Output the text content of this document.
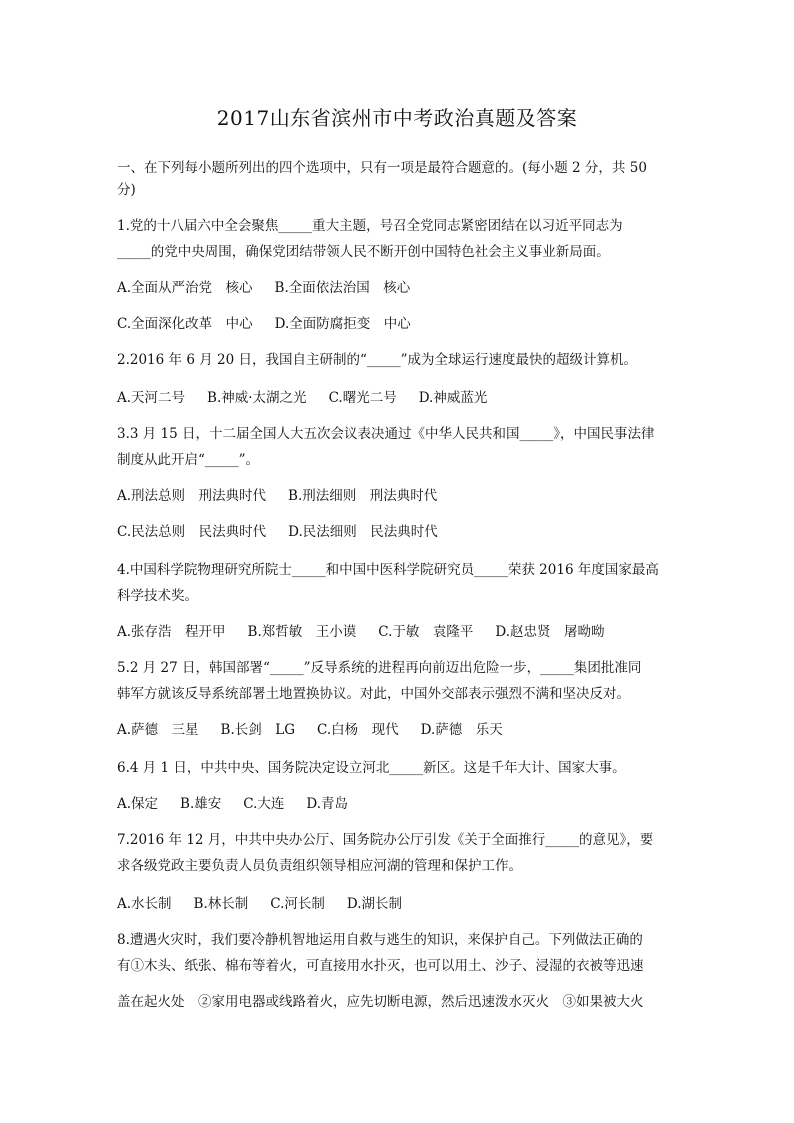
2017山东省滨州市中考政治真题及答案
一、在下列每小题所列出的四个选项中，只有一项是最符合题意的。(每小题 2 分，共 50
分)
1.党的十八届六中全会聚焦_____重大主题，号召全党同志紧密团结在以习近平同志为
_____的党中央周围，确保党团结带领人民不断开创中国特色社会主义事业新局面。
A.全面从严治党　核心 B.全面依法治国　核心
C.全面深化改革　中心 D.全面防腐拒变　中心
2.2016 年 6 月 20 日，我国自主研制的“_____”成为全球运行速度最快的超级计算机。
A.天河二号 B.神威·太湖之光 C.曙光二号 D.神威蓝光
3.3 月 15 日，十二届全国人大五次会议表决通过《中华人民共和国_____》，中国民事法律
制度从此开启“_____”。
A.刑法总则　刑法典时代 B.刑法细则　刑法典时代
C.民法总则　民法典时代 D.民法细则　民法典时代
4.中国科学院物理研究所院士_____和中国中医科学院研究员_____荣获 2016 年度国家最高
科学技术奖。
A.张存浩　程开甲 B.郑哲敏　王小谟 C.于敏　袁隆平 D.赵忠贤　屠呦呦
5.2 月 27 日，韩国部署“_____”反导系统的进程再向前迈出危险一步，_____集团批准同
韩军方就该反导系统部署土地置换协议。对此，中国外交部表示强烈不满和坚决反对。
A.萨德　三星 B.长剑　LG C.白杨　现代 D.萨德　乐天
6.4 月 1 日，中共中央、国务院决定设立河北_____新区。这是千年大计、国家大事。
A.保定 B.雄安 C.大连 D.青岛
7.2016 年 12 月，中共中央办公厅、国务院办公厅引发《关于全面推行_____的意见》，要
求各级党政主要负责人员负责组织领导相应河湖的管理和保护工作。
A.水长制 B.林长制 C.河长制 D.湖长制
8.遭遇火灾时，我们要冷静机智地运用自救与逃生的知识，来保护自己。下列做法正确的
有①木头、纸张、棉布等着火，可直接用水扑灭，也可以用土、沙子、浸湿的衣被等迅速
盖在起火处　②家用电器或线路着火，应先切断电源，然后迅速泼水灭火　③如果被大火
